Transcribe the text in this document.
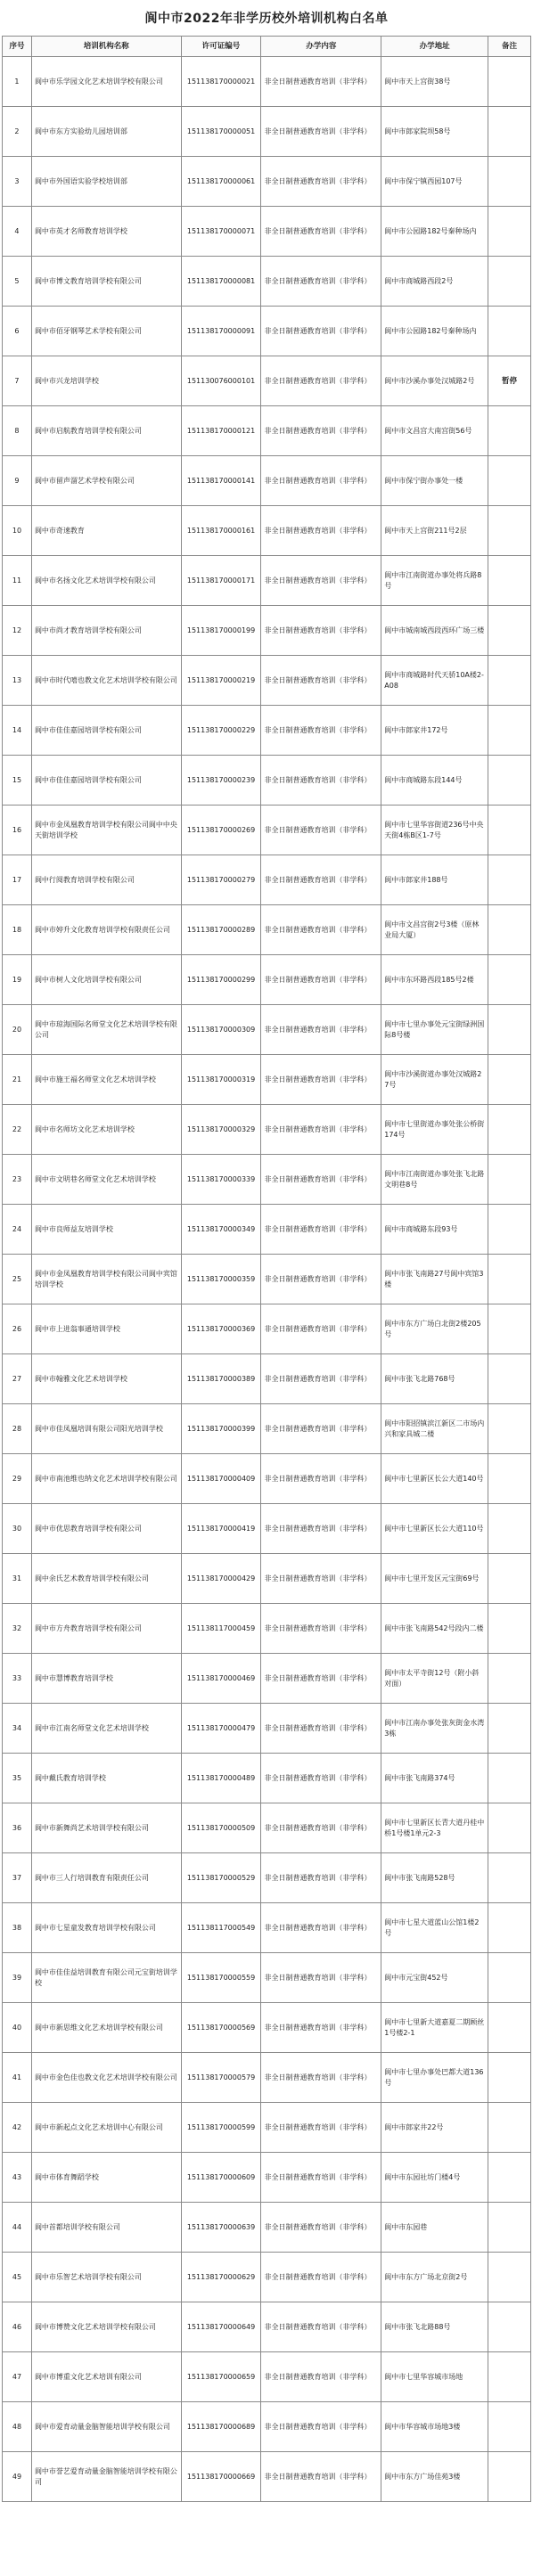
阆中市2022年非学历校外培训机构白名单
序号	培训机构名称	许可证编号	办学内容	办学地址	备注
1	阆中市乐学园文化艺术培训学校有限公司	151138170000021	非全日制普通教育培训（非学科）	阆中市天上宫街38号	
2	阆中市东方实验幼儿园培训部	151138170000051	非全日制普通教育培训（非学科）	阆中市郎家院坝58号	
3	阆中市外国语实验学校培训部	151138170000061	非全日制普通教育培训（非学科）	阆中市保宁镇西园107号	
4	阆中市英才名师教育培训学校	151138170000071	非全日制普通教育培训（非学科）	阆中市公园路182号秦种场内	
5	阆中市博文教育培训学校有限公司	151138170000081	非全日制普通教育培训（非学科）	阆中市商城路西段2号	
6	阆中市佰牙钢琴艺术学校有限公司	151138170000091	非全日制普通教育培训（非学科）	阆中市公园路182号秦种场内	
7	阆中市兴龙培训学校	151130076000101	非全日制普通教育培训（非学科）	阆中市沙溪办事处汉城路2号	暂停
8	阆中市启航教育培训学校有限公司	151138170000121	非全日制普通教育培训（非学科）	阆中市文昌宫大南宫街56号	
9	阆中市留声溜艺术学校有限公司	151138170000141	非全日制普通教育培训（非学科）	阆中市保宁街办事处一楼	
10	阆中市奇速教育	151138170000161	非全日制普通教育培训（非学科）	阆中市天上宫街211号2层	
11	阆中市名扬文化艺术培训学校有限公司	151138170000171	非全日制普通教育培训（非学科）	阆中市江南街道办事处将兵路8号	
12	阆中市尚才教育培训学校有限公司	151138170000199	非全日制普通教育培训（非学科）	阆中市城南城西段西环广场三楼	
13	阆中市时代嘻也教文化艺术培训学校有限公司	151138170000219	非全日制普通教育培训（非学科）	阆中市商城路时代天骄10A楼2-A08	
14	阆中市佳佳嘉园培训学校有限公司	151138170000229	非全日制普通教育培训（非学科）	阆中市郎家井172号	
15	阆中市佳佳嘉园培训学校有限公司	151138170000239	非全日制普通教育培训（非学科）	阆中市商城路东段144号	
16	阆中市金凤凰教育培训学校有限公司阆中中央天街培训学校	151138170000269	非全日制普通教育培训（非学科）	阆中市七里华容街道236号中央天街4栋B区1-7号	
17	阆中行阅教育培训学校有限公司	151138170000279	非全日制普通教育培训（非学科）	阆中市郎家井188号	
18	阆中市婷升文化教育培训学校有限责任公司	151138170000289	非全日制普通教育培训（非学科）	阆中市文昌宫街2号3楼（原林业局大厦）	
19	阆中市树人文化培训学校有限公司	151138170000299	非全日制普通教育培训（非学科）	阆中市东环路西段185号2楼	
20	阆中市琼海国际名师堂文化艺术培训学校有限公司	151138170000309	非全日制普通教育培训（非学科）	阆中市七里办事处元宝街绿洲国际8号楼	
21	阆中市施王福名师堂文化艺术培训学校	151138170000319	非全日制普通教育培训（非学科）	阆中市沙溪街道办事处汉城路27号	
22	阆中市名师坊文化艺术培训学校	151138170000329	非全日制普通教育培训（非学科）	阆中市七里街道办事处张公桥街174号	
23	阆中市文明巷名师堂文化艺术培训学校	151138170000339	非全日制普通教育培训（非学科）	阆中市江南街道办事处张飞北路文明巷8号	
24	阆中市良师益友培训学校	151138170000349	非全日制普通教育培训（非学科）	阆中市商城路东段93号	
25	阆中市金凤凰教育培训学校有限公司阆中宾馆培训学校	151138170000359	非全日制普通教育培训（非学科）	阆中市张飞南路27号阆中宾馆3楼	
26	阆中市上进翁事通培训学校	151138170000369	非全日制普通教育培训（非学科）	阆中市东方广场白北街2楼205号	
27	阆中市翰雅文化艺术培训学校	151138170000389	非全日制普通教育培训（非学科）	阆中市张飞北路768号	
28	阆中市佳凤凰培训有限公司阳光培训学校	151138170000399	非全日制普通教育培训（非学科）	阆中市阳招镇滨江新区二市场内兴和家具城二楼	
29	阆中市南池维也纳文化艺术培训学校有限公司	151138170000409	非全日制普通教育培训（非学科）	阆中市七里新区长公大道140号	
30	阆中市优思教育培训学校有限公司	151138170000419	非全日制普通教育培训（非学科）	阆中市七里新区长公大道110号	
31	阆中余氏艺术教育培训学校有限公司	151138170000429	非全日制普通教育培训（非学科）	阆中市七里开发区元宝街69号	
32	阆中市方舟教育培训学校有限公司	151138117000459	非全日制普通教育培训（非学科）	阆中市张飞南路542号段内二楼	
33	阆中市慧博教育培训学校	151138170000469	非全日制普通教育培训（非学科）	阆中市太平寺街12号（附小斜对面）	
34	阆中市江南名师堂文化艺术培训学校	151138170000479	非全日制普通教育培训（非学科）	阆中市江南办事处张灰街金水湾3栋	
35	阆中戴氏教育培训学校	151138170000489	非全日制普通教育培训（非学科）	阆中市张飞南路374号	
36	阆中市新舞尚艺术培训学校有限公司	151138170000509	非全日制普通教育培训（非学科）	阆中市七里新区长青大道丹桂中桥1号楼1单元2-3	
37	阆中市三人行培训教育有限责任公司	151138170000529	非全日制普通教育培训（非学科）	阆中市张飞南路528号	
38	阆中市七星童发教育培训学校有限公司	151138117000549	非全日制普通教育培训（非学科）	阆中市七星大道蓝山公馆1楼2号	
39	阆中市佳佳益培训教育有限公司元宝街培训学校	151138170000559	非全日制普通教育培训（非学科）	阆中市元宝街452号	
40	阆中市新思维文化艺术培训学校有限公司	151138170000569	非全日制普通教育培训（非学科）	阆中市七里新大道嘉夏二期顾丝1号楼2-1	
41	阆中市金色佳也教文化艺术培训学校有限公司	151138170000579	非全日制普通教育培训（非学科）	阆中市七里办事处巴都大道136号	
42	阆中市新起点文化艺术培训中心有限公司	151138170000599	非全日制普通教育培训（非学科）	阆中市郎家井22号	
43	阆中市体育舞蹈学校	151138170000609	非全日制普通教育培训（非学科）	阆中市东园社坊门楼4号	
44	阆中首都培训学校有限公司	151138170000639	非全日制普通教育培训（非学科）	阆中市东园巷	
45	阆中市乐智艺术培训学校有限公司	151138170000629	非全日制普通教育培训（非学科）	阆中市东方广场北京街2号	
46	阆中市博赞文化艺术培训学校有限公司	151138170000649	非全日制普通教育培训（非学科）	阆中市张飞北路88号	
47	阆中市博重文化艺术培训有限公司	151138170000659	非全日制普通教育培训（非学科）	阆中市七里华容城市场地	
48	阆中市爱育动量金脑智能培训学校有限公司	151138170000689	非全日制普通教育培训（非学科）	阆中市华容城市场地3楼	
49	阆中市誉艺爱育动量金脑智能培训学校有限公司	151138170000669	非全日制普通教育培训（非学科）	阆中市东方广场佳苑3楼	
